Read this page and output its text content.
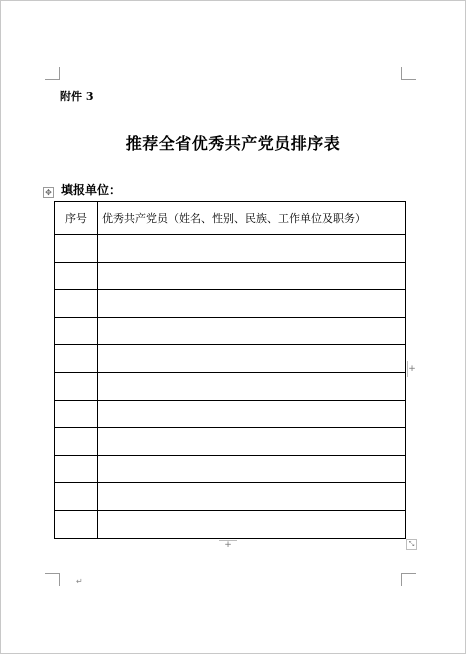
附件 3
推荐全省优秀共产党员排序表
填报单位：
✥
序号	优秀共产党员（姓名、性别、民族、工作单位及职务）

+
+	⤡
↵
